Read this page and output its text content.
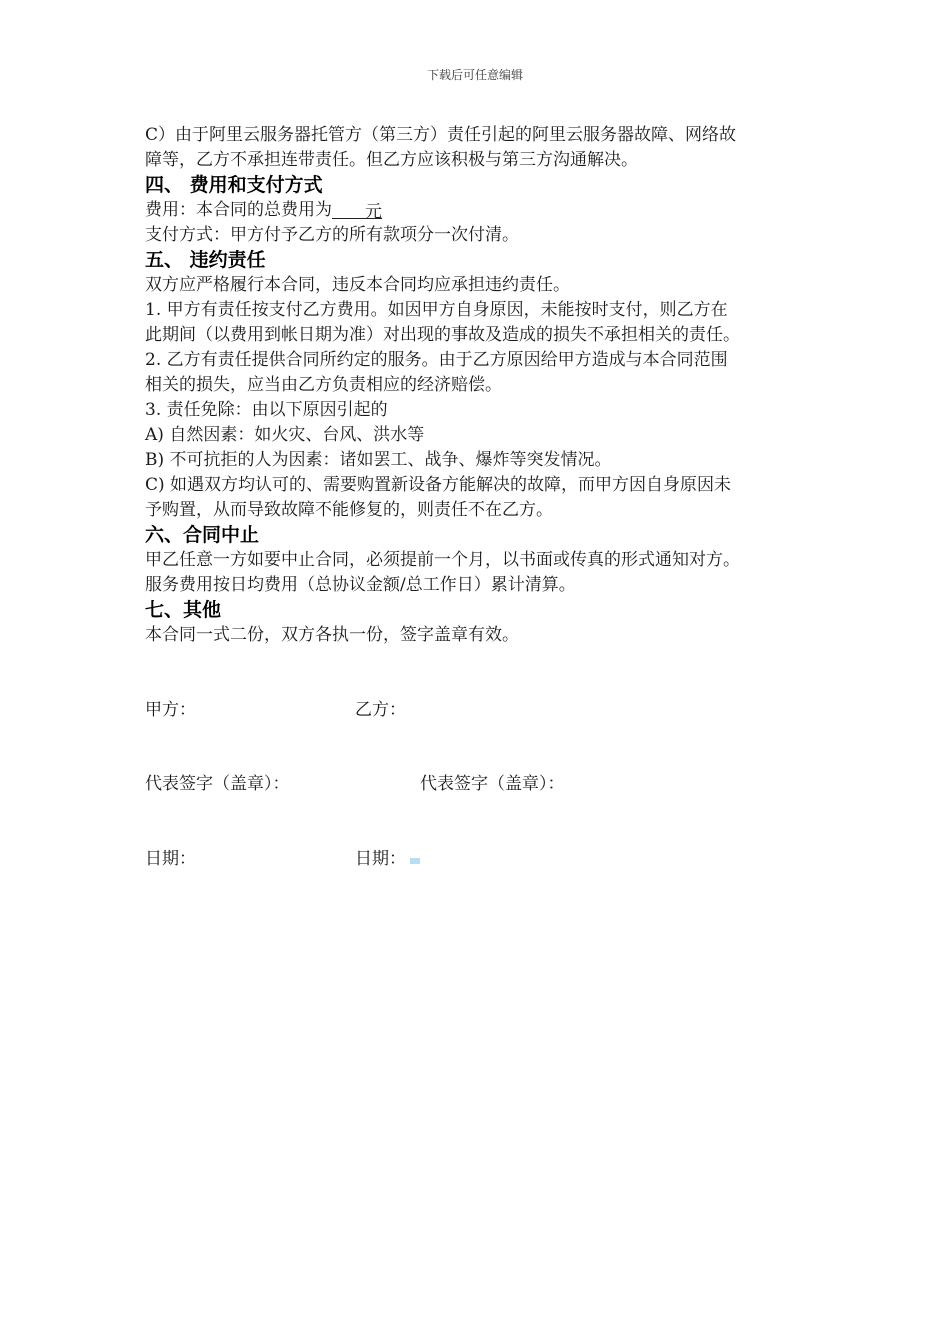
下载后可任意编辑

C）由于阿里云服务器托管方（第三方）责任引起的阿里云服务器故障、网络故

障等，乙方不承担连带责任。但乙方应该积极与第三方沟通解决。

四、 费用和支付方式

费用：本合同的总费用为 元

支付方式：甲方付予乙方的所有款项分一次付清。

五、 违约责任

双方应严格履行本合同，违反本合同均应承担违约责任。

1. 甲方有责任按支付乙方费用。如因甲方自身原因，未能按时支付，则乙方在

此期间（以费用到帐日期为准）对出现的事故及造成的损失不承担相关的责任。

2. 乙方有责任提供合同所约定的服务。由于乙方原因给甲方造成与本合同范围

相关的损失，应当由乙方负责相应的经济赔偿。

3. 责任免除：由以下原因引起的

A) 自然因素：如火灾、台风、洪水等

B) 不可抗拒的人为因素：诸如罢工、战争、爆炸等突发情况。

C) 如遇双方均认可的、需要购置新设备方能解决的故障，而甲方因自身原因未

予购置，从而导致故障不能修复的，则责任不在乙方。

六、合同中止

甲乙任意一方如要中止合同，必须提前一个月，以书面或传真的形式通知对方。

服务费用按日均费用（总协议金额/总工作日）累计清算。

七、其他

本合同一式二份，双方各执一份，签字盖章有效。

甲方：	乙方：
代表签字（盖章）：	代表签字（盖章）：
日期：	日期：
